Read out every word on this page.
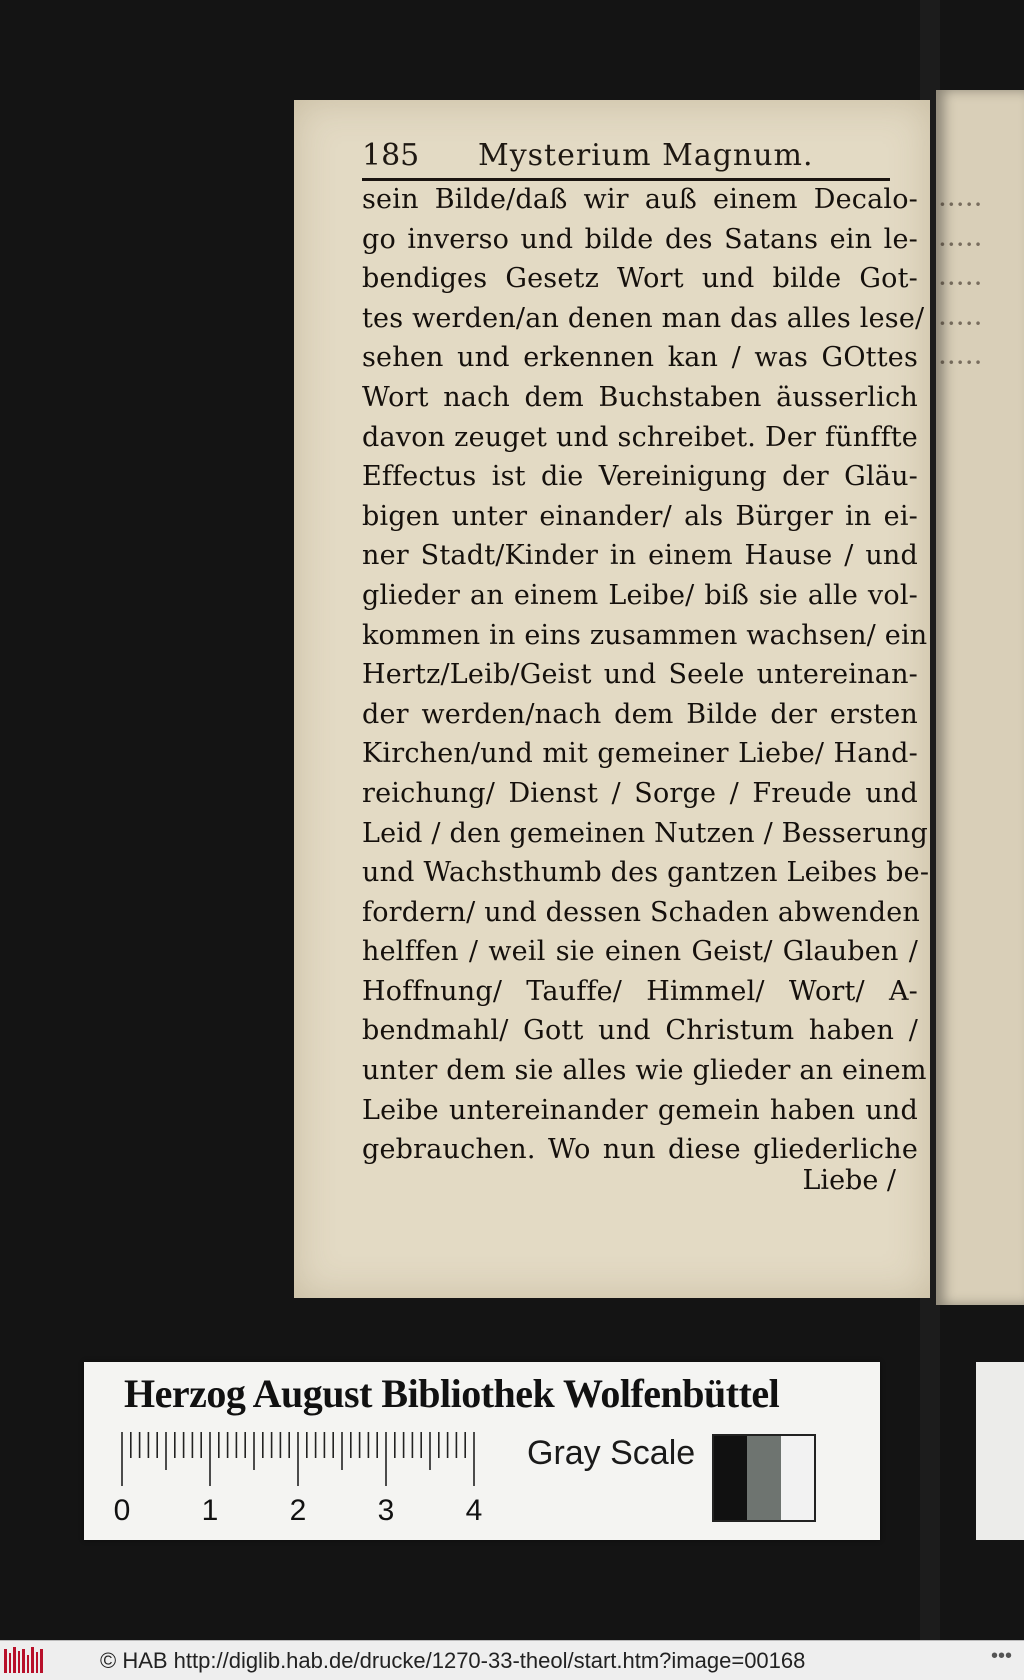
·····
·····
·····
·····
·····
185 Mysterium Magnum.
sein Bilde/daß wir auß einem Decalo-
go inverso und bilde des Satans ein le-
bendiges Gesetz Wort und bilde Got-
tes werden/an denen man das alles lese/
sehen und erkennen kan / was GOttes
Wort nach dem Buchstaben äusserlich
davon zeuget und schreibet. Der fünffte
Effectus ist die Vereinigung der Gläu-
bigen unter einander/ als Bürger in ei-
ner Stadt/Kinder in einem Hause / und
glieder an einem Leibe/ biß sie alle vol-
kommen in eins zusammen wachsen/ ein
Hertz/Leib/Geist und Seele untereinan-
der werden/nach dem Bilde der ersten
Kirchen/und mit gemeiner Liebe/ Hand-
reichung/ Dienst / Sorge / Freude und
Leid / den gemeinen Nutzen / Besserung
und Wachsthumb des gantzen Leibes be-
fordern/ und dessen Schaden abwenden
helffen / weil sie einen Geist/ Glauben /
Hoffnung/ Tauffe/ Himmel/ Wort/ A-
bendmahl/ Gott und Christum haben /
unter dem sie alles wie glieder an einem
Leibe untereinander gemein haben und
gebrauchen. Wo nun diese gliederliche
Liebe /
Herzog August Bibliothek Wolfenbüttel
0 1 2 3 4
Gray Scale
© HAB http://diglib.hab.de/drucke/1270-33-theol/start.htm?image=00168	•••
